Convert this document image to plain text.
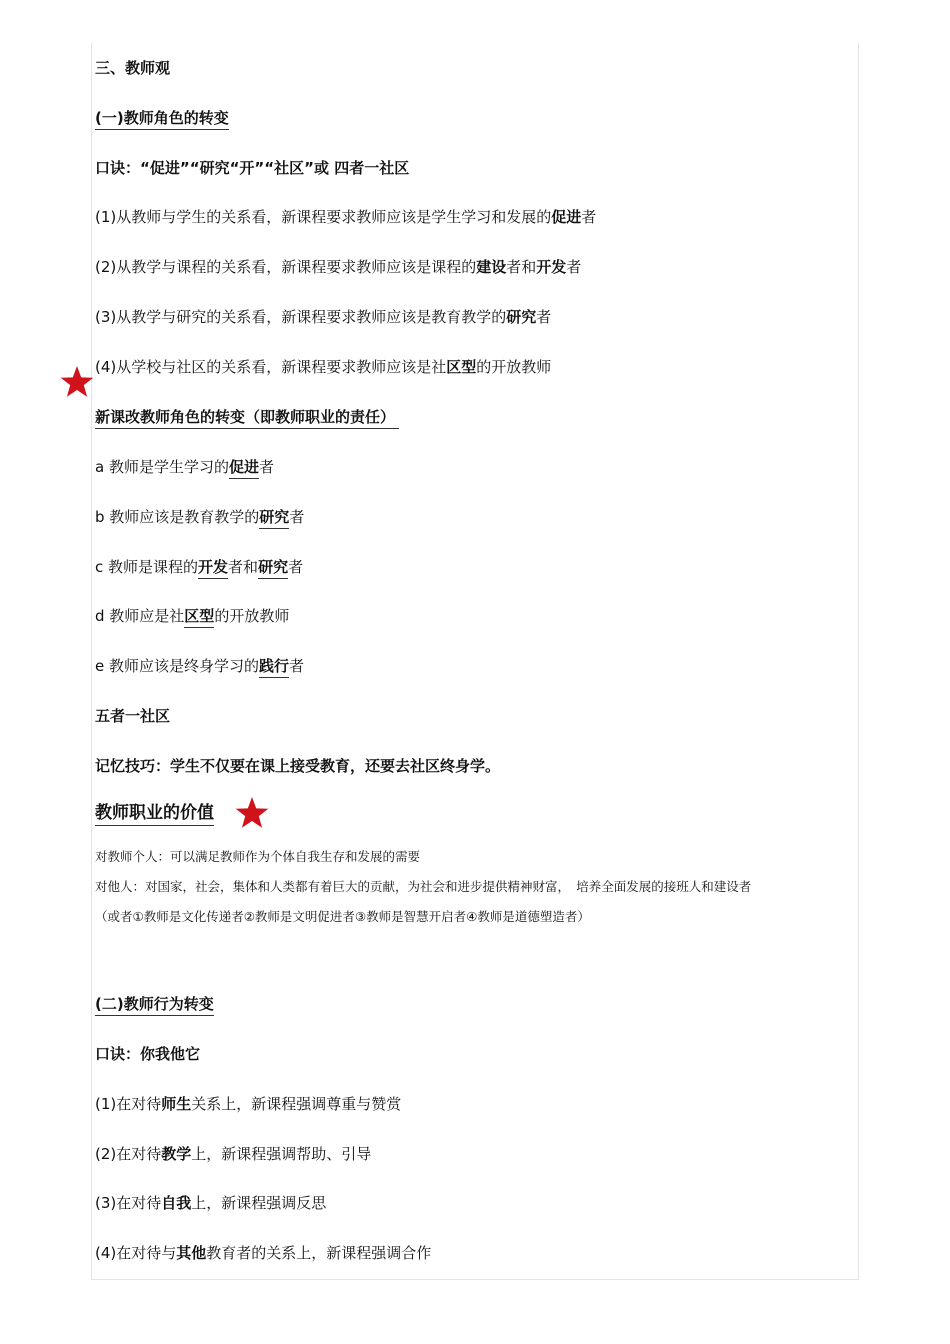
三、教师观
(一)教师角色的转变
口诀：“促进”“研究“开”“社区”或 四者一社区
(1)从教师与学生的关系看，新课程要求教师应该是学生学习和发展的促进者
(2)从教学与课程的关系看，新课程要求教师应该是课程的建设者和开发者
(3)从教学与研究的关系看，新课程要求教师应该是教育教学的研究者
(4)从学校与社区的关系看，新课程要求教师应该是社区型的开放教师
新课改教师角色的转变（即教师职业的责任）
a 教师是学生学习的促进者
b 教师应该是教育教学的研究者
c 教师是课程的开发者和研究者
d 教师应是社区型的开放教师
e 教师应该是终身学习的践行者
五者一社区
记忆技巧：学生不仅要在课上接受教育，还要去社区终身学。
教师职业的价值
对教师个人：可以满足教师作为个体自我生存和发展的需要
对他人：对国家，社会，集体和人类都有着巨大的贡献，为社会和进步提供精神财富，　培养全面发展的接班人和建设者
（或者①教师是文化传递者②教师是文明促进者③教师是智慧开启者④教师是道德塑造者）
(二)教师行为转变
口诀：你我他它
(1)在对待师生关系上，新课程强调尊重与赞赏
(2)在对待教学上，新课程强调帮助、引导
(3)在对待自我上，新课程强调反思
(4)在对待与其他教育者的关系上，新课程强调合作
